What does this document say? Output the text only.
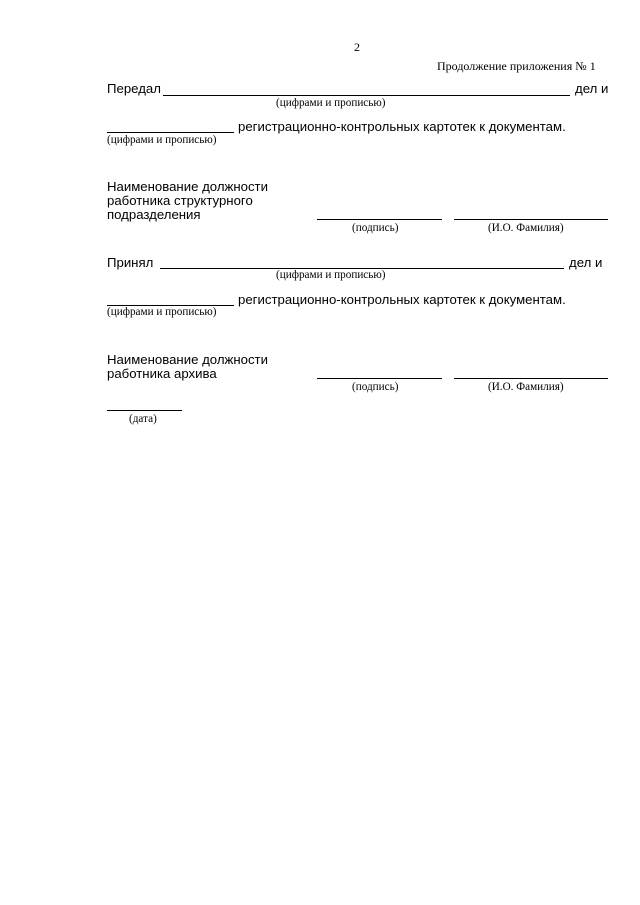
2
Продолжение приложения № 1
Передал	дел и
(цифрами и прописью)
регистрационно-контрольных картотек к документам.
(цифрами и прописью)
Наименование должности
работника структурного
подразделения
(подпись)	(И.О. Фамилия)
Принял	дел и
(цифрами и прописью)
регистрационно-контрольных картотек к документам.
(цифрами и прописью)
Наименование должности
работника архива
(подпись)	(И.О. Фамилия)
(дата)
